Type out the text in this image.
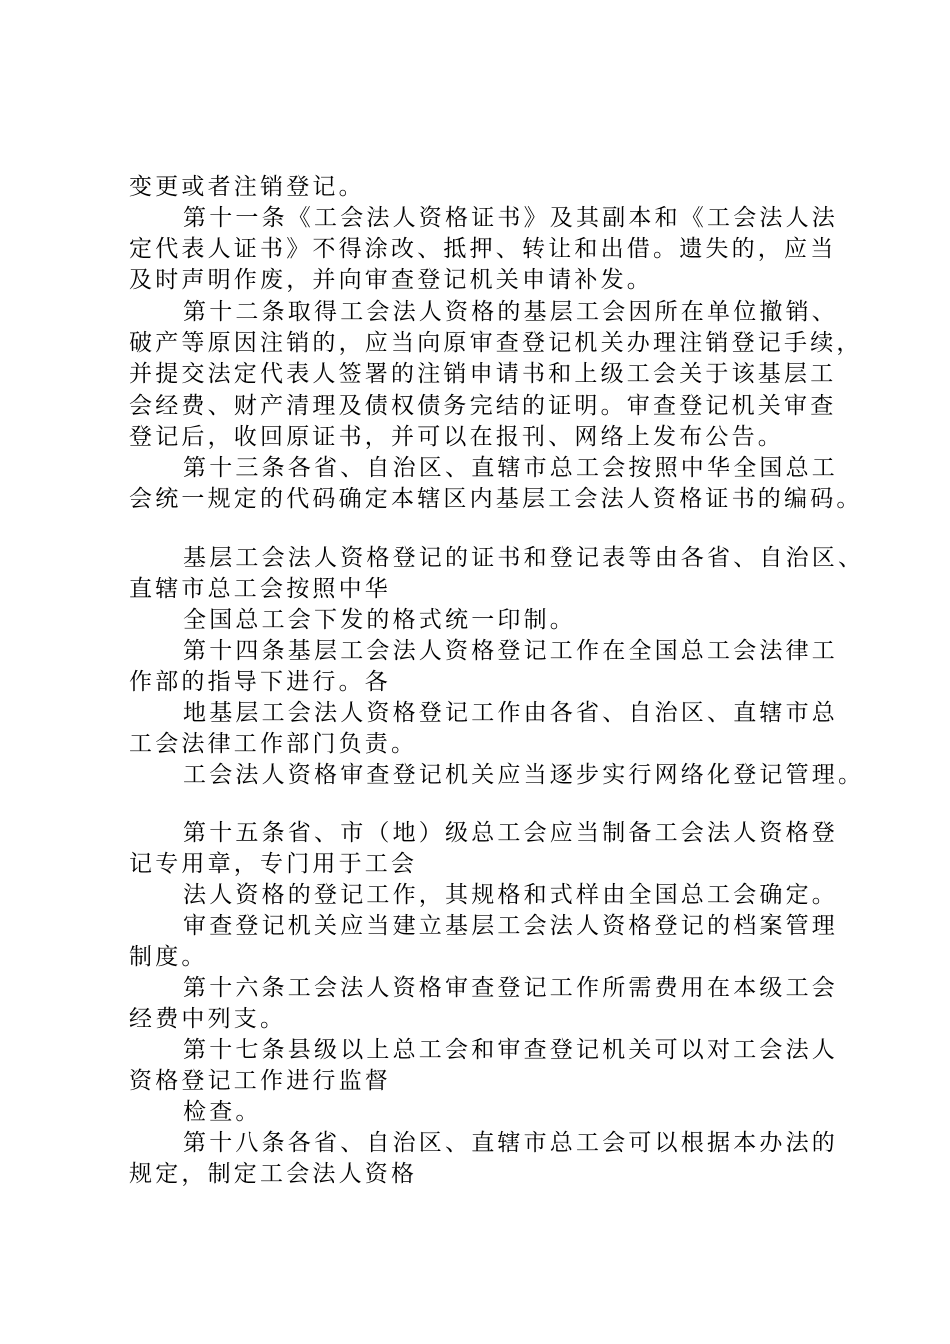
变更或者注销登记。
第十一条《工会法人资格证书》及其副本和《工会法人法
定代表人证书》不得涂改、抵押、转让和出借。遗失的，应当
及时声明作废，并向审查登记机关申请补发。
第十二条取得工会法人资格的基层工会因所在单位撤销、
破产等原因注销的，应当向原审查登记机关办理注销登记手续，
并提交法定代表人签署的注销申请书和上级工会关于该基层工
会经费、财产清理及债权债务完结的证明。审查登记机关审查
登记后，收回原证书，并可以在报刊、网络上发布公告。
第十三条各省、自治区、直辖市总工会按照中华全国总工
会统一规定的代码确定本辖区内基层工会法人资格证书的编码。
基层工会法人资格登记的证书和登记表等由各省、自治区、
直辖市总工会按照中华
全国总工会下发的格式统一印制。
第十四条基层工会法人资格登记工作在全国总工会法律工
作部的指导下进行。各
地基层工会法人资格登记工作由各省、自治区、直辖市总
工会法律工作部门负责。
工会法人资格审查登记机关应当逐步实行网络化登记管理。
第十五条省、市（地）级总工会应当制备工会法人资格登
记专用章，专门用于工会
法人资格的登记工作，其规格和式样由全国总工会确定。
审查登记机关应当建立基层工会法人资格登记的档案管理
制度。
第十六条工会法人资格审查登记工作所需费用在本级工会
经费中列支。
第十七条县级以上总工会和审查登记机关可以对工会法人
资格登记工作进行监督
检查。
第十八条各省、自治区、直辖市总工会可以根据本办法的
规定，制定工会法人资格
